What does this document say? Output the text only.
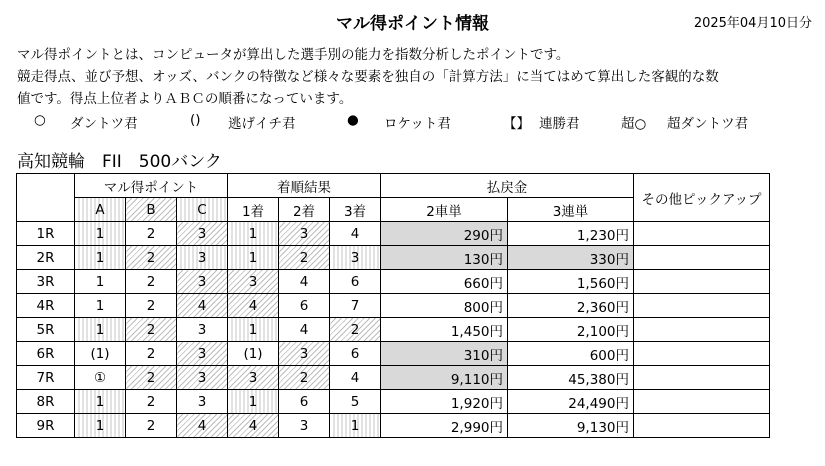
マル得ポイント情報	2025年04月10日分
マル得ポイントとは、コンピュータが算出した選手別の能力を指数分析したポイントです。
競走得点、並び予想、オッズ、バンクの特徴など様々な要素を独自の「計算方法」に当てはめて算出した客観的な数
値です。得点上位者よりＡＢＣの順番になっています。
○ ダントツ君	() 逃げイチ君	● ロケット君	【】 連勝君	超○ 超ダントツ君
高知競輪　FII　500バンク
	マル得ポイント			着順結果			払戻金		その他ピックアップ
	A	B	C	1着	2着	3着	2車単	3連単	
1R	1	2	3	1	3	4	290円	1,230円	
2R	1	2	3	1	2	3	130円	330円	
3R	1	2	3	3	4	6	660円	1,560円	
4R	1	2	4	4	6	7	800円	2,360円	
5R	1	2	3	1	4	2	1,450円	2,100円	
6R	(1)	2	3	(1)	3	6	310円	600円	
7R	①	2	3	3	2	4	9,110円	45,380円	
8R	1	2	3	1	6	5	1,920円	24,490円	
9R	1	2	4	4	3	1	2,990円	9,130円	
